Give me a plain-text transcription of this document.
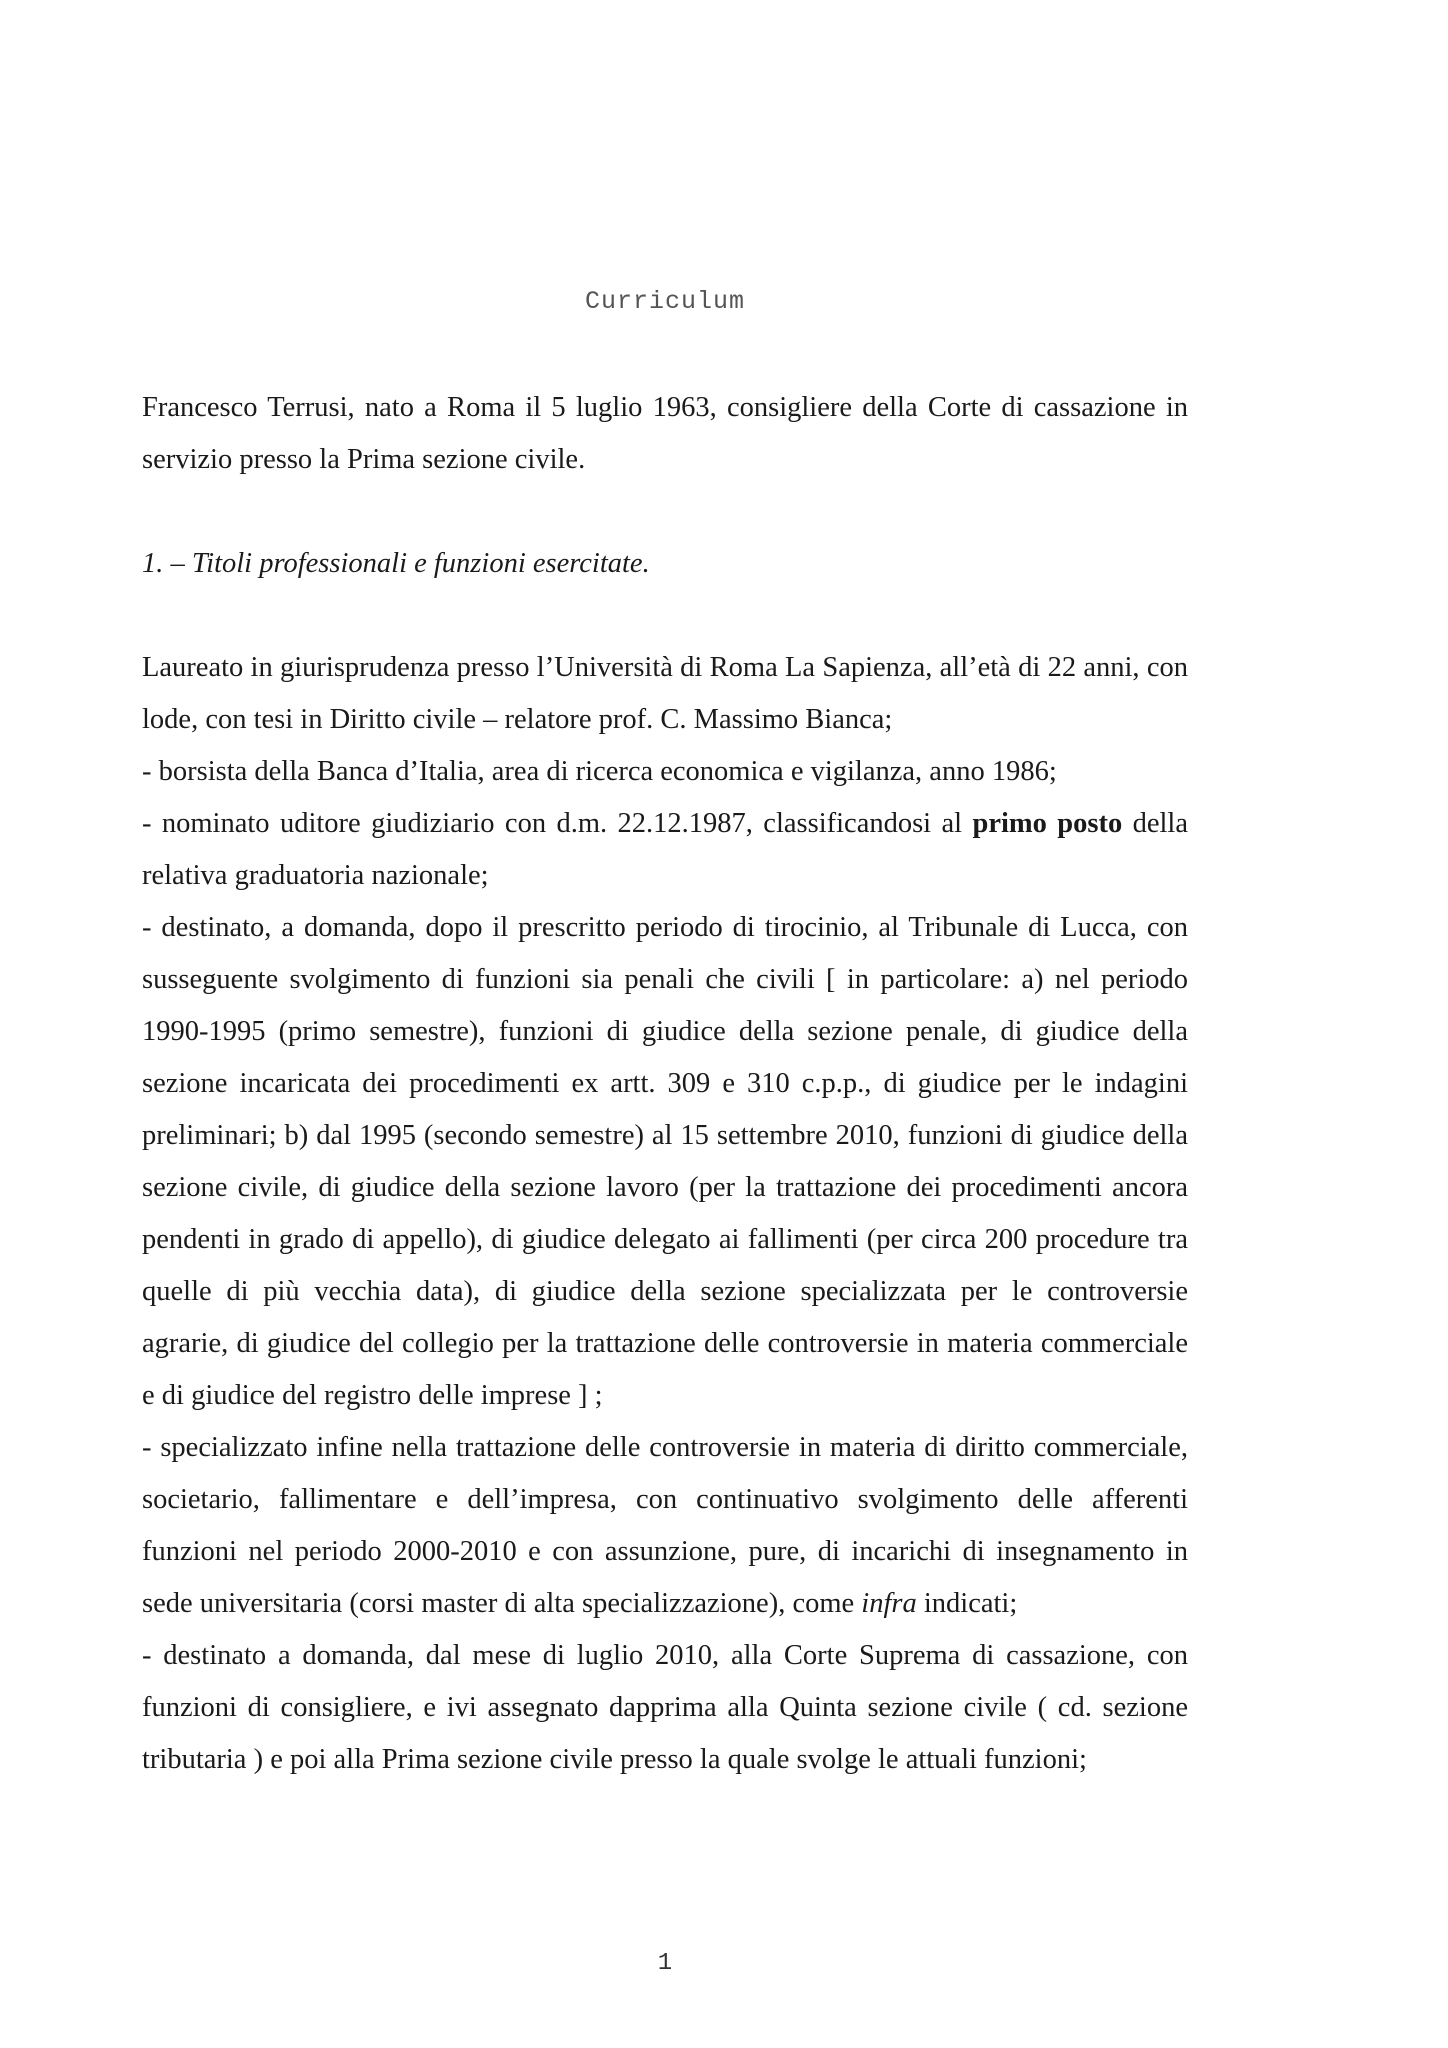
Curriculum

Francesco Terrusi, nato a Roma il 5 luglio 1963, consigliere della Corte di cassazione in servizio presso la Prima sezione civile.

1. – Titoli professionali e funzioni esercitate.

Laureato in giurisprudenza presso l’Università di Roma La Sapienza, all’età di 22 anni, con lode, con tesi in Diritto civile – relatore prof. C. Massimo Bianca;

- borsista della Banca d’Italia, area di ricerca economica e vigilanza, anno 1986;

- nominato uditore giudiziario con d.m. 22.12.1987, classificandosi al primo posto della relativa graduatoria nazionale;

- destinato, a domanda, dopo il prescritto periodo di tirocinio, al Tribunale di Lucca, con susseguente svolgimento di funzioni sia penali che civili [ in particolare: a) nel periodo 1990-1995 (primo semestre), funzioni di giudice della sezione penale, di giudice della sezione incaricata dei procedimenti ex artt. 309 e 310 c.p.p., di giudice per le indagini preliminari; b) dal 1995 (secondo semestre) al 15 settembre 2010, funzioni di giudice della sezione civile, di giudice della sezione lavoro (per la trattazione dei procedimenti ancora pendenti in grado di appello), di giudice delegato ai fallimenti (per circa 200 procedure tra quelle di più vecchia data), di giudice della sezione specializzata per le controversie agrarie, di giudice del collegio per la trattazione delle controversie in materia commerciale e di giudice del registro delle imprese ] ;

- specializzato infine nella trattazione delle controversie in materia di diritto commerciale, societario, fallimentare e dell’impresa, con continuativo svolgimento delle afferenti funzioni nel periodo 2000-2010 e con assunzione, pure, di incarichi di insegnamento in sede universitaria (corsi master di alta specializzazione), come infra indicati;

- destinato a domanda, dal mese di luglio 2010, alla Corte Suprema di cassazione, con funzioni di consigliere, e ivi assegnato dapprima alla Quinta sezione civile ( cd. sezione tributaria ) e poi alla Prima sezione civile presso la quale svolge le attuali funzioni;

1
